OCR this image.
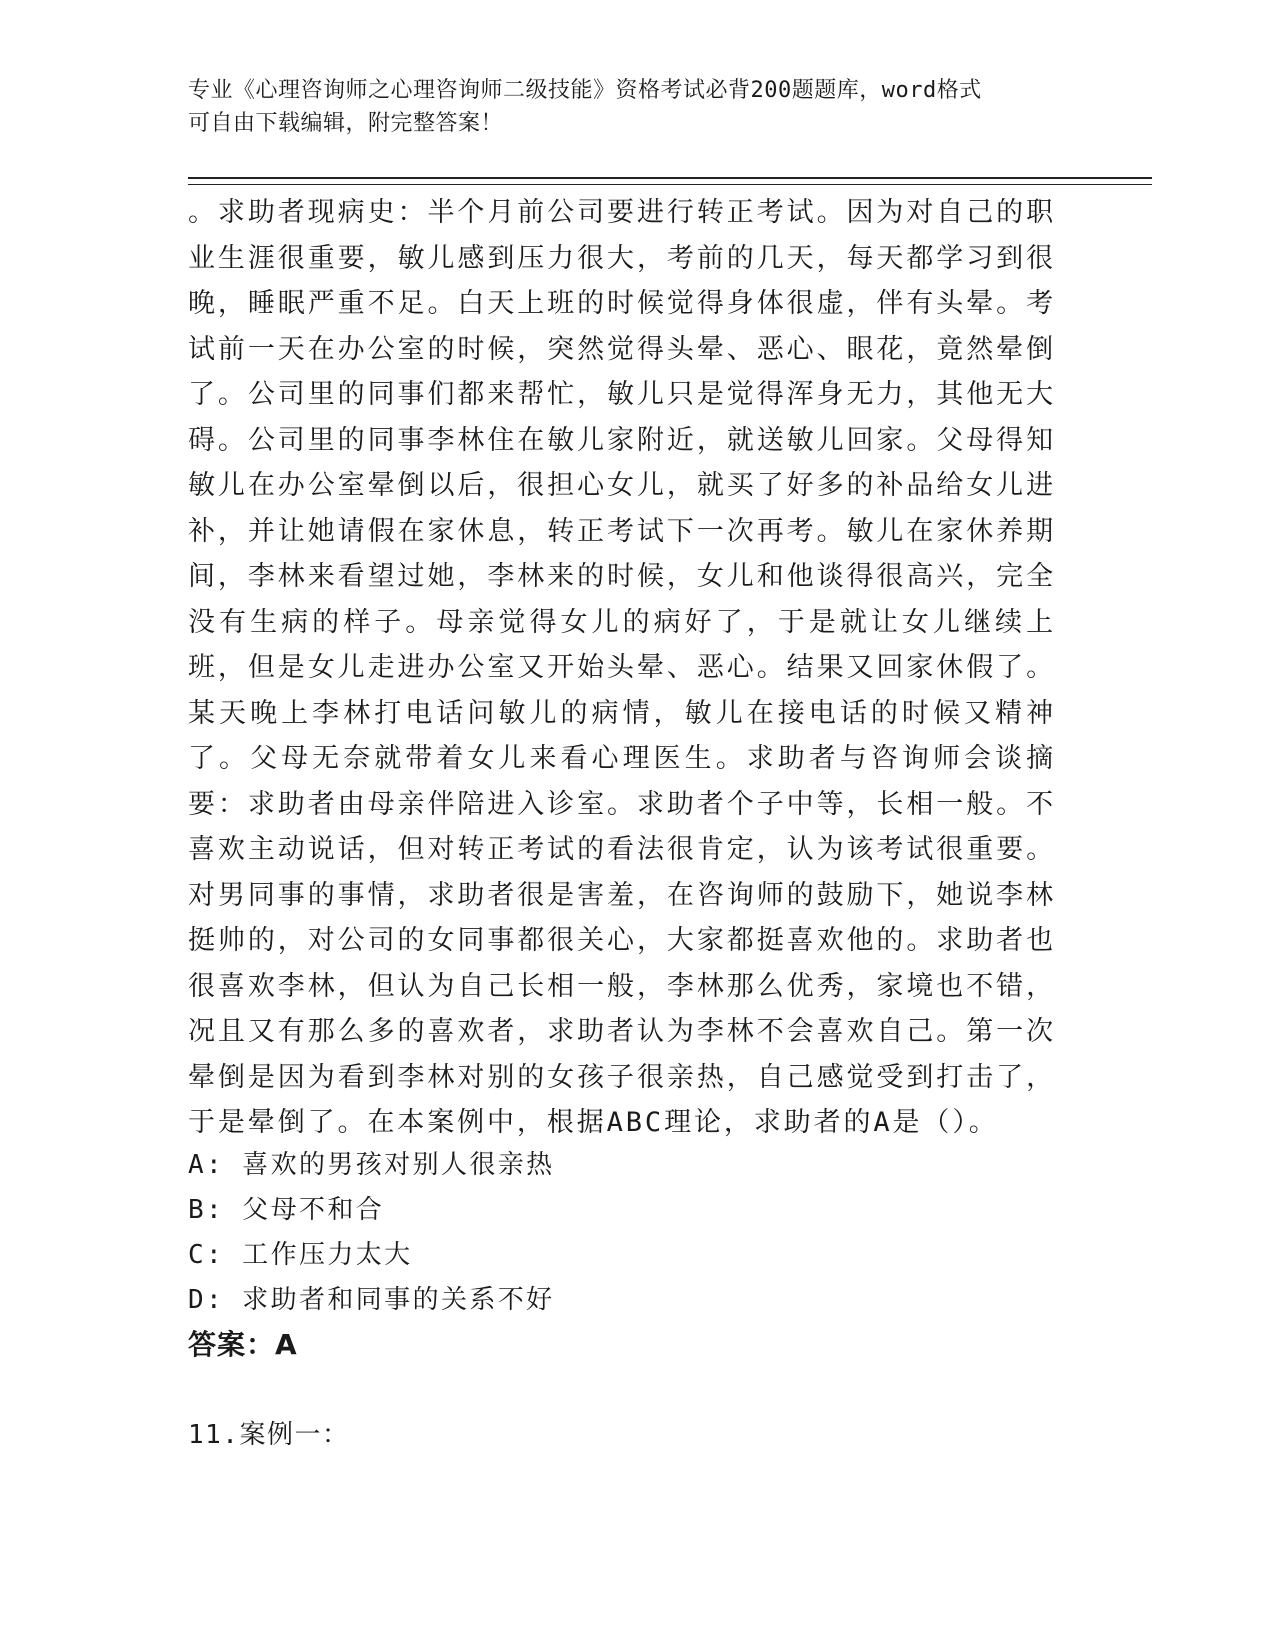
专业《心理咨询师之心理咨询师二级技能》资格考试必背200题题库，word格式
可自由下载编辑，附完整答案！
。求助者现病史：半个月前公司要进行转正考试。因为对自己的职业生涯很重要，敏儿感到压力很大，考前的几天，每天都学习到很晚，睡眠严重不足。白天上班的时候觉得身体很虚，伴有头晕。考试前一天在办公室的时候，突然觉得头晕、恶心、眼花，竟然晕倒了。公司里的同事们都来帮忙，敏儿只是觉得浑身无力，其他无大碍。公司里的同事李林住在敏儿家附近，就送敏儿回家。父母得知敏儿在办公室晕倒以后，很担心女儿，就买了好多的补品给女儿进补，并让她请假在家休息，转正考试下一次再考。敏儿在家休养期间，李林来看望过她，李林来的时候，女儿和他谈得很高兴，完全没有生病的样子。母亲觉得女儿的病好了，于是就让女儿继续上班，但是女儿走进办公室又开始头晕、恶心。结果又回家休假了。某天晚上李林打电话问敏儿的病情，敏儿在接电话的时候又精神了。父母无奈就带着女儿来看心理医生。求助者与咨询师会谈摘要：求助者由母亲伴陪进入诊室。求助者个子中等，长相一般。不喜欢主动说话，但对转正考试的看法很肯定，认为该考试很重要。对男同事的事情，求助者很是害羞，在咨询师的鼓励下，她说李林挺帅的，对公司的女同事都很关心，大家都挺喜欢他的。求助者也很喜欢李林，但认为自己长相一般，李林那么优秀，家境也不错，况且又有那么多的喜欢者，求助者认为李林不会喜欢自己。第一次晕倒是因为看到李林对别的女孩子很亲热，自己感觉受到打击了，于是晕倒了。在本案例中，根据ABC理论，求助者的A是（）。
A: 喜欢的男孩对别人很亲热
B: 父母不和合
C: 工作压力太大
D: 求助者和同事的关系不好
答案：A
11.案例一：
